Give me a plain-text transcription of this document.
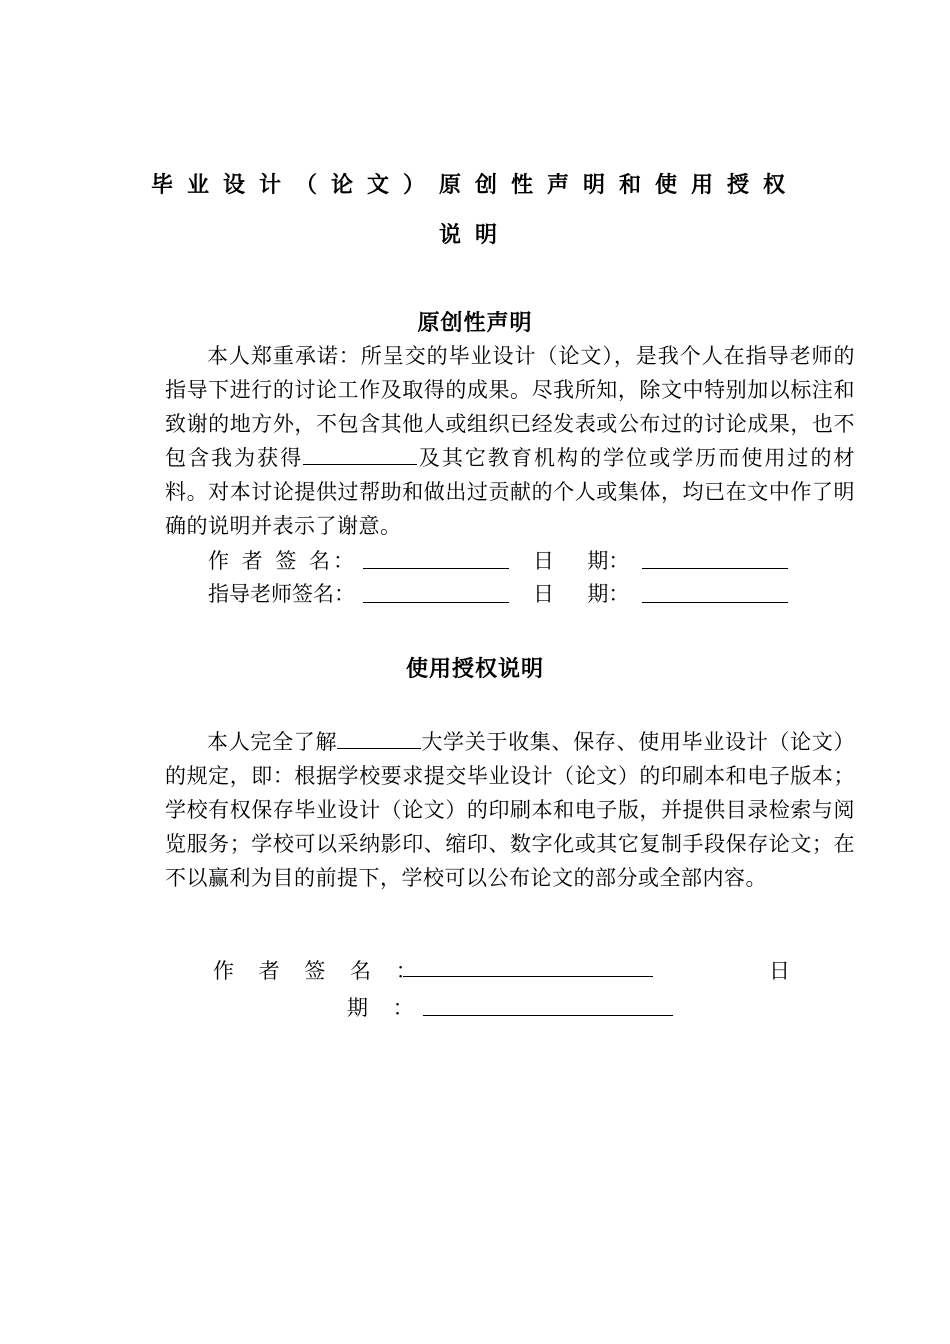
毕业设计（论文）原创性声明和使用授权
说明
原创性声明

本人郑重承诺：所呈交的毕业设计（论文），是我个人在指导老师的指导下进行的讨论工作及取得的成果。尽我所知，除文中特别加以标注和致谢的地方外，不包含其他人或组织已经发表或公布过的讨论成果，也不包含我为获得	及其它教育机构的学位或学历而使用过的材料。对本讨论提供过帮助和做出过贡献的个人或集体，均已在文中作了明确的说明并表示了谢意。

作 者 签 名：	日     期：
指导老师签名：	日     期：
使用授权说明

本人完全了解	大学关于收集、保存、使用毕业设计（论文）的规定，即：根据学校要求提交毕业设计（论文）的印刷本和电子版本；学校有权保存毕业设计（论文）的印刷本和电子版，并提供目录检索与阅览服务；学校可以采纳影印、缩印、数字化或其它复制手段保存论文；在不以赢利为目的前提下，学校可以公布论文的部分或全部内容。

作 者 签 名 ：	日
期 ：
